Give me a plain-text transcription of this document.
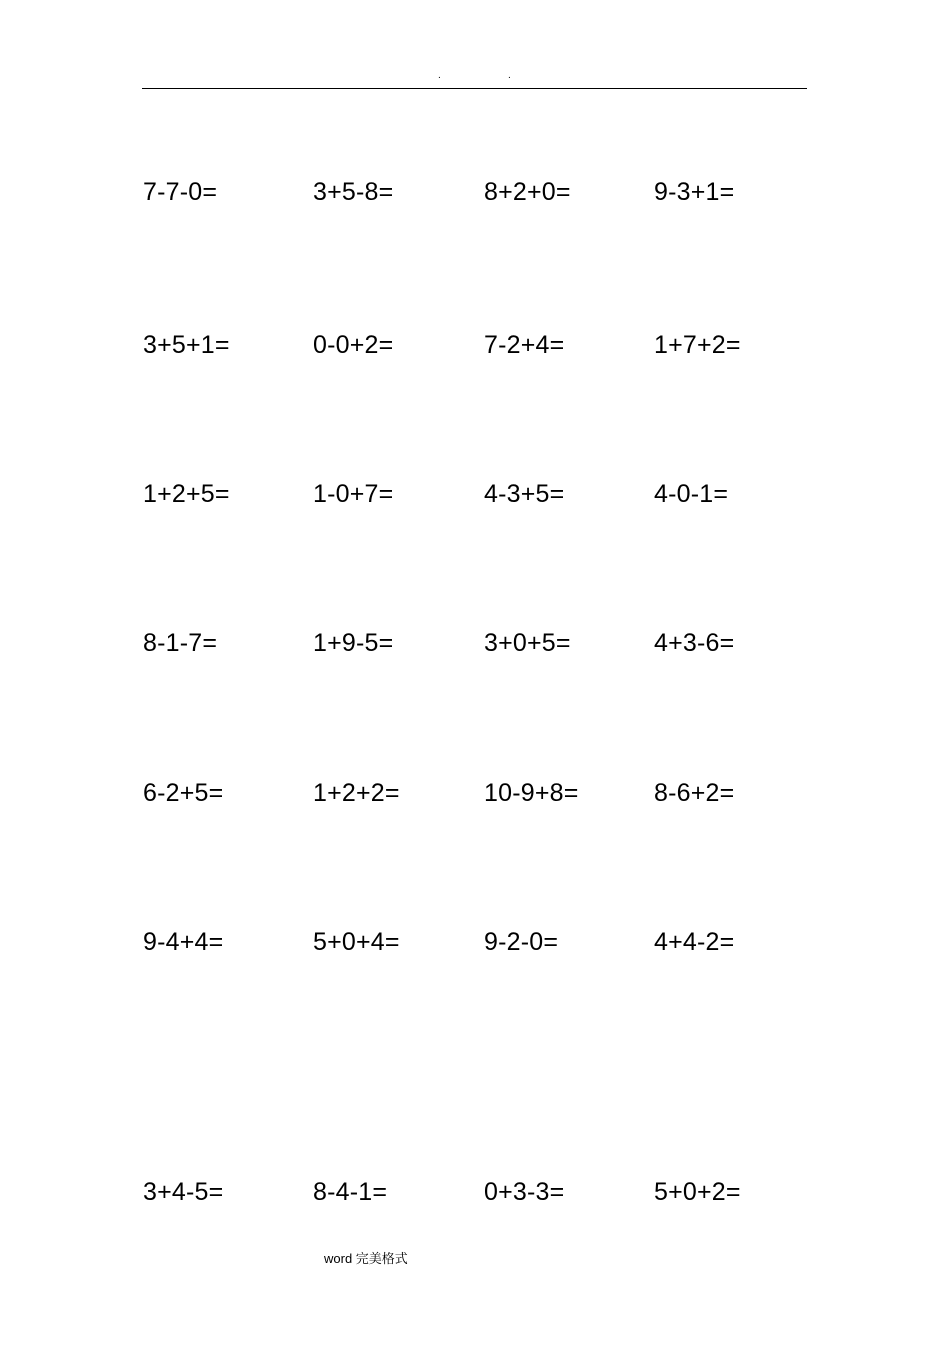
.	.
7-7-0=	3+5-8=	8+2+0=	9-3+1=
3+5+1=	0-0+2=	7-2+4=	1+7+2=
1+2+5=	1-0+7=	4-3+5=	4-0-1=
8-1-7=	1+9-5=	3+0+5=	4+3-6=
6-2+5=	1+2+2=	10-9+8=	8-6+2=
9-4+4=	5+0+4=	9-2-0=	4+4-2=
3+4-5=	8-4-1=	0+3-3=	5+0+2=
word 完美格式
